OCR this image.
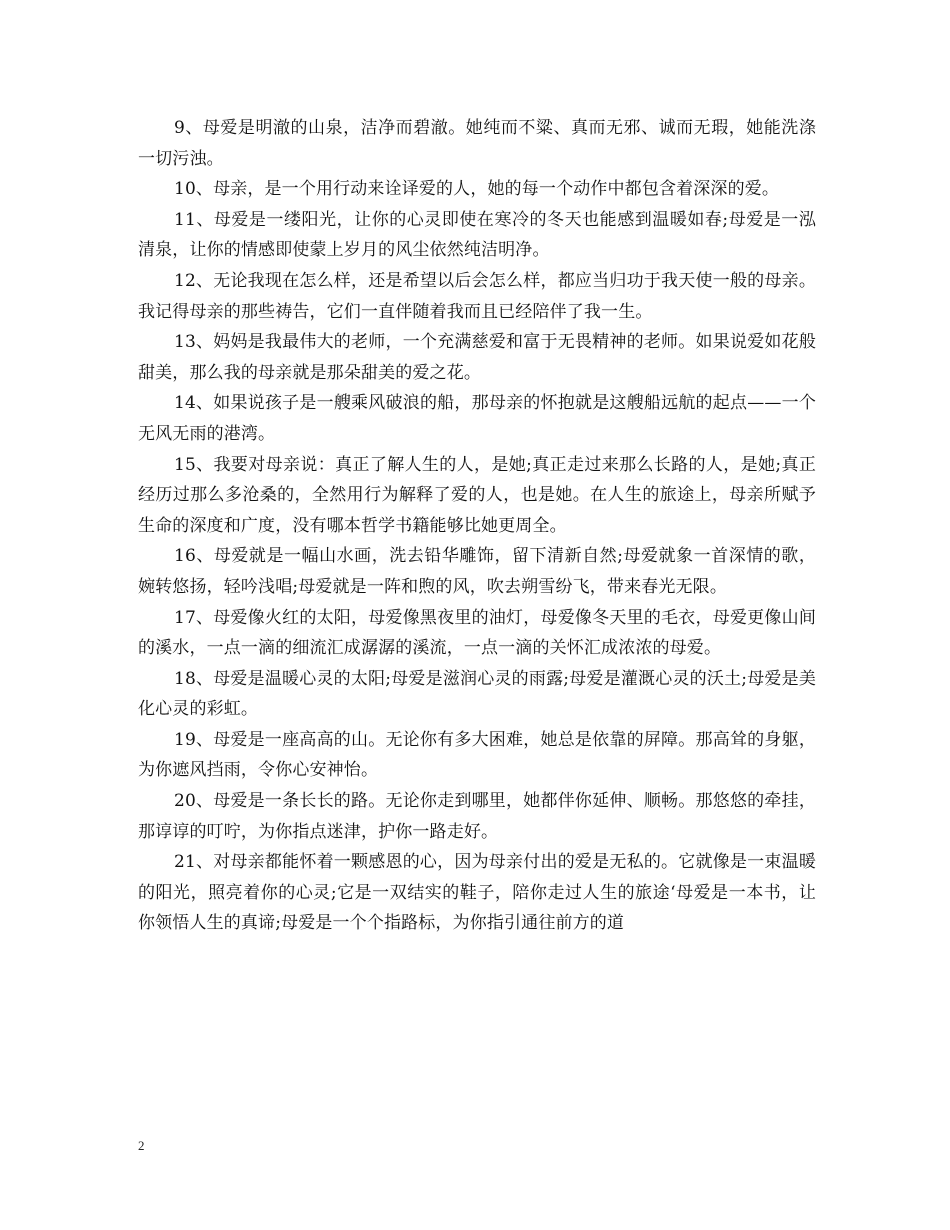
9、母爱是明澈的山泉，洁净而碧澈。她纯而不粱、真而无邪、诚而无瑕，她能洗涤一切污浊。

10、母亲，是一个用行动来诠译爱的人，她的每一个动作中都包含着深深的爱。

11、母爱是一缕阳光，让你的心灵即使在寒冷的冬天也能感到温暖如春;母爱是一泓清泉，让你的情感即使蒙上岁月的风尘依然纯洁明净。

12、无论我现在怎么样，还是希望以后会怎么样，都应当归功于我天使一般的母亲。我记得母亲的那些祷告，它们一直伴随着我而且已经陪伴了我一生。

13、妈妈是我最伟大的老师，一个充满慈爱和富于无畏精神的老师。如果说爱如花般甜美，那么我的母亲就是那朵甜美的爱之花。

14、如果说孩子是一艘乘风破浪的船，那母亲的怀抱就是这艘船远航的起点——一个无风无雨的港湾。

15、我要对母亲说：真正了解人生的人，是她;真正走过来那么长路的人，是她;真正经历过那么多沧桑的，全然用行为解释了爱的人，也是她。在人生的旅途上，母亲所赋予生命的深度和广度，没有哪本哲学书籍能够比她更周全。

16、母爱就是一幅山水画，洗去铅华雕饰，留下清新自然;母爱就象一首深情的歌，婉转悠扬，轻吟浅唱;母爱就是一阵和煦的风，吹去朔雪纷飞，带来春光无限。

17、母爱像火红的太阳，母爱像黑夜里的油灯，母爱像冬天里的毛衣，母爱更像山间的溪水，一点一滴的细流汇成潺潺的溪流，一点一滴的关怀汇成浓浓的母爱。

18、母爱是温暖心灵的太阳;母爱是滋润心灵的雨露;母爱是灌溉心灵的沃土;母爱是美化心灵的彩虹。

19、母爱是一座高高的山。无论你有多大困难，她总是依靠的屏障。那高耸的身躯，为你遮风挡雨，令你心安神怡。

20、母爱是一条长长的路。无论你走到哪里，她都伴你延伸、顺畅。那悠悠的牵挂，那谆谆的叮咛，为你指点迷津，护你一路走好。

21、对母亲都能怀着一颗感恩的心，因为母亲付出的爱是无私的。它就像是一束温暖的阳光，照亮着你的心灵;它是一双结实的鞋子，陪你走过人生的旅途‘母爱是一本书，让你领悟人生的真谛;母爱是一个个指路标，为你指引通往前方的道

2
